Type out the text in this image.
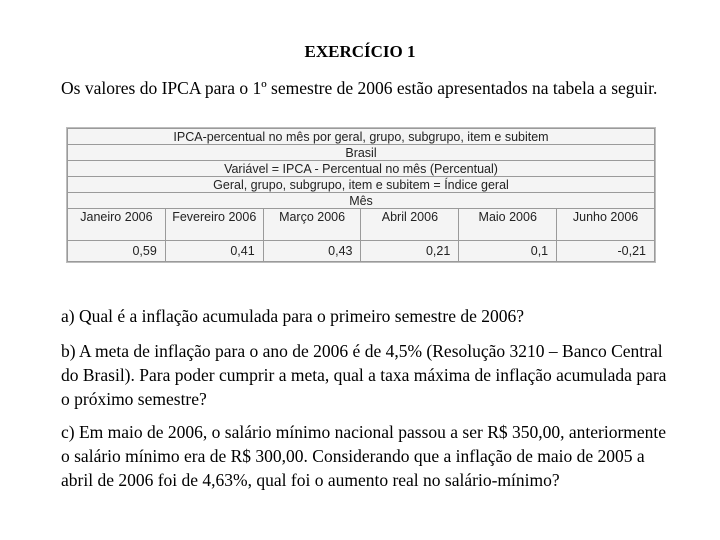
EXERCÍCIO 1
Os valores do IPCA para o 1º semestre de 2006 estão apresentados na tabela a seguir.
IPCA-percentual no mês por geral, grupo, subgrupo, item e subitem					
Brasil					
Variável = IPCA - Percentual no mês (Percentual)					
Geral, grupo, subgrupo, item e subitem = Índice geral					
Mês					
Janeiro 2006	Fevereiro 2006	Março 2006	Abril 2006	Maio 2006	Junho 2006
0,59	0,41	0,43	0,21	0,1	-0,21
a) Qual é a inflação acumulada para o primeiro semestre de 2006?
b) A meta de inflação para o ano de 2006 é de 4,5% (Resolução 3210 – Banco Central do Brasil). Para poder cumprir a meta, qual a taxa máxima de inflação acumulada para o próximo semestre?
c) Em maio de 2006, o salário mínimo nacional passou a ser R$ 350,00, anteriormente o salário mínimo era de R$ 300,00. Considerando que a inflação de maio de 2005 a abril de 2006 foi de 4,63%, qual foi o aumento real no salário-mínimo?
